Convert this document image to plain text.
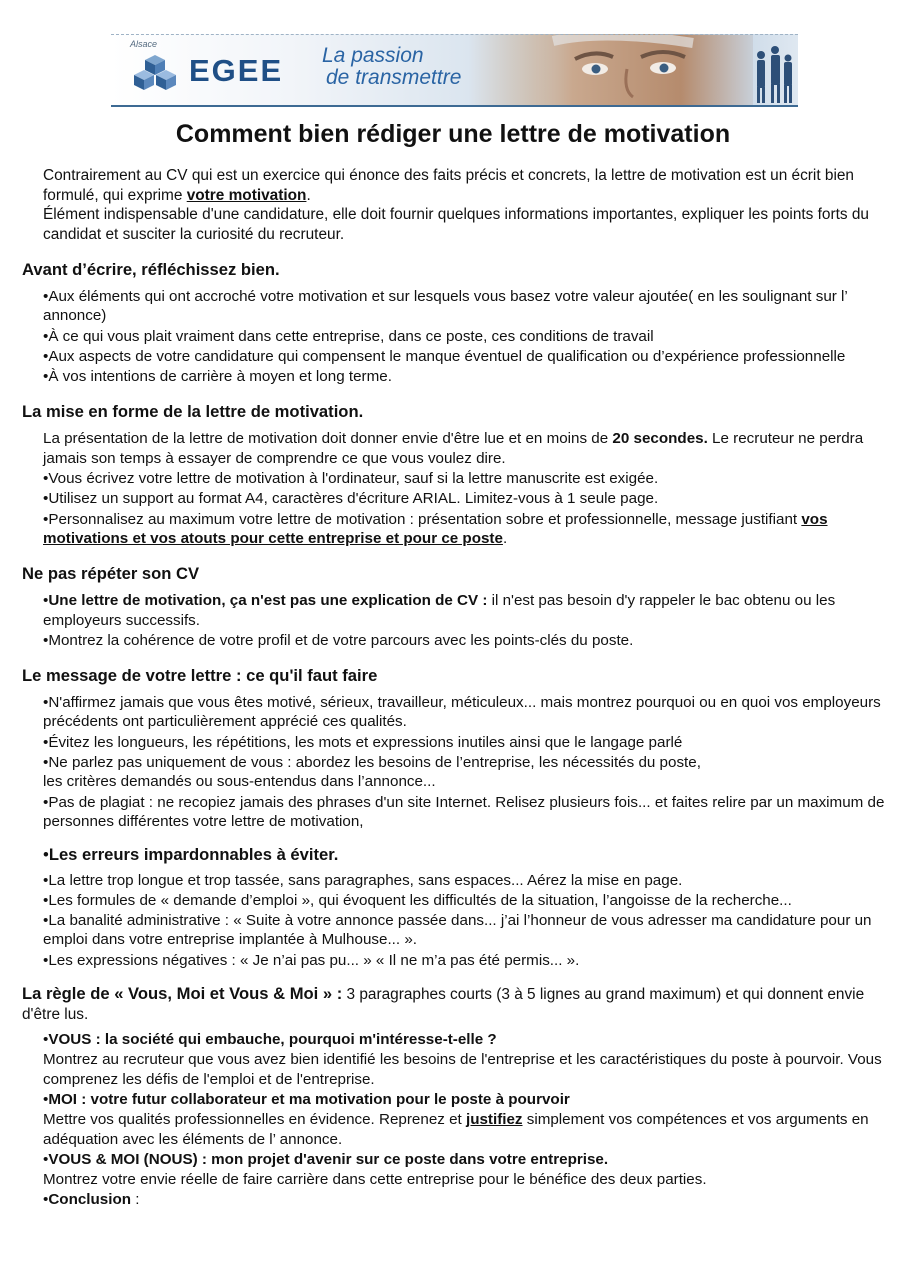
Alsace
EGEE La passion
de transmettre
Comment bien rédiger une lettre de motivation

Contrairement au CV qui est un exercice qui énonce des faits précis et concrets, la lettre de motivation est un écrit bien formulé, qui exprime votre motivation.

Élément indispensable d'une candidature, elle doit fournir quelques informations importantes, expliquer les points forts du candidat et susciter la curiosité du recruteur.

Avant d’écrire, réfléchissez bien.

• Aux éléments qui ont accroché votre motivation et sur lesquels vous basez votre valeur ajoutée( en les soulignant sur l’ annonce)

• À ce qui vous plait vraiment dans cette entreprise, dans ce poste, ces conditions de travail

• Aux aspects de votre candidature qui compensent le manque éventuel de qualification ou d’expérience professionnelle

• À vos intentions de carrière à moyen et long terme.

La mise en forme de la lettre de motivation.

La présentation de la lettre de motivation doit donner envie d'être lue et en moins de 20 secondes. Le recruteur ne perdra jamais son temps à essayer de comprendre ce que vous voulez dire.

• Vous écrivez votre lettre de motivation à l'ordinateur, sauf si la lettre manuscrite est exigée.

• Utilisez un support au format A4, caractères d'écriture ARIAL. Limitez-vous à 1 seule page.

• Personnalisez au maximum votre lettre de motivation : présentation sobre et professionnelle, message justifiant vos motivations et vos atouts pour cette entreprise et pour ce poste.

Ne pas répéter son CV

• Une lettre de motivation, ça n'est pas une explication de CV : il n'est pas besoin d'y rappeler le bac obtenu ou les employeurs successifs.

• Montrez la cohérence de votre profil et de votre parcours avec les points-clés du poste.

Le message de votre lettre : ce qu'il faut faire

• N'affirmez jamais que vous êtes motivé, sérieux, travailleur, méticuleux... mais montrez pourquoi ou en quoi vos employeurs précédents ont particulièrement apprécié ces qualités.

• Évitez les longueurs, les répétitions, les mots et expressions inutiles ainsi que le langage parlé

• Ne parlez pas uniquement de vous : abordez les besoins de l’entreprise, les nécessités du poste,
les critères demandés ou sous-entendus dans l’annonce...

• Pas de plagiat : ne recopiez jamais des phrases d'un site Internet. Relisez plusieurs fois... et faites relire par un maximum de personnes différentes votre lettre de motivation,

• Les erreurs impardonnables à éviter.

• La lettre trop longue et trop tassée, sans paragraphes, sans espaces... Aérez la mise en page.

• Les formules de « demande d’emploi », qui évoquent les difficultés de la situation, l’angoisse de la recherche...

• La banalité administrative : « Suite à votre annonce passée dans... j’ai l’honneur de vous adresser ma candidature pour un emploi dans votre entreprise implantée à Mulhouse... ».

• Les expressions négatives : « Je n’ai pas pu... » « Il ne m’a pas été permis... ».

La règle de « Vous, Moi et Vous & Moi » : 3 paragraphes courts (3 à 5 lignes au grand maximum) et qui donnent envie d'être lus.

• VOUS : la société qui embauche, pourquoi m'intéresse-t-elle ?

Montrez au recruteur que vous avez bien identifié les besoins de l'entreprise et les caractéristiques du poste à pourvoir. Vous comprenez les défis de l'emploi et de l'entreprise.

• MOI : votre futur collaborateur et ma motivation pour le poste à pourvoir

Mettre vos qualités professionnelles en évidence. Reprenez et justifiez simplement vos compétences et vos arguments en adéquation avec les éléments de l’ annonce.

• VOUS & MOI (NOUS) : mon projet d'avenir sur ce poste dans votre entreprise.

Montrez votre envie réelle de faire carrière dans cette entreprise pour le bénéfice des deux parties.

• Conclusion :
